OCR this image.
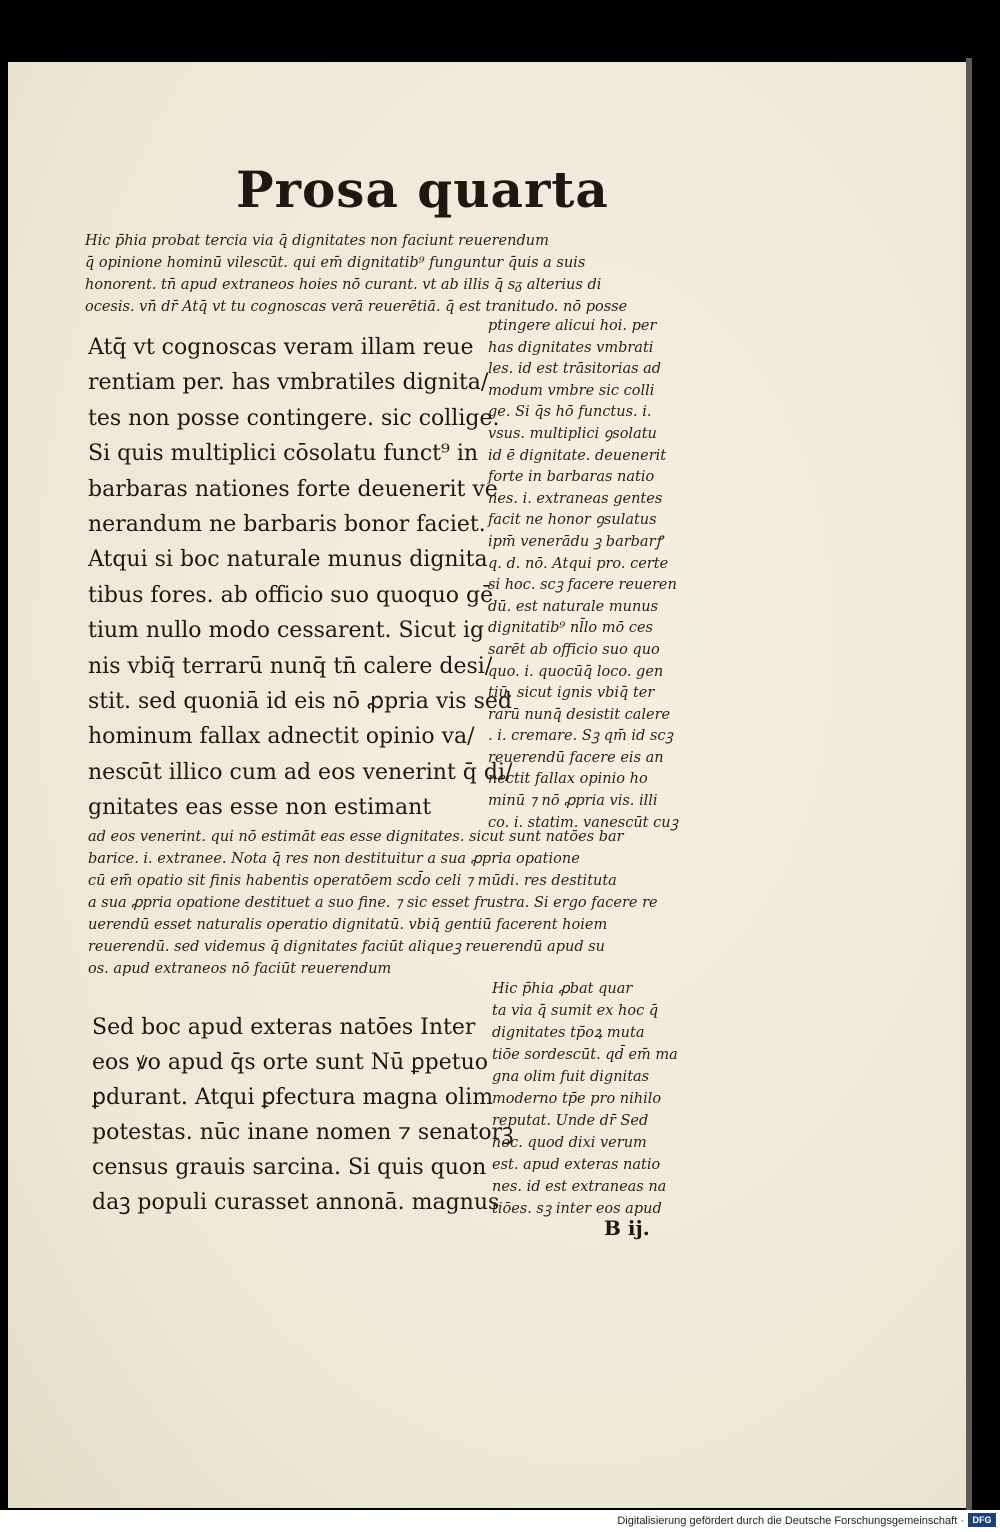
Prosa quarta

Hic p̄hia probat tercia via q̄ dignitates non faciunt reuerendum

q̄ opinione hominū vilescūt. qui em̄ dignitatib⁹ funguntur q̄uis a suis

honorent. tn̄ apud extraneos hoies nō curant. vt ab illis q̄ sᵹ alterius di

ocesis. vn̄ dr̄ Atq̄ vt tu cognoscas verā reuerētiā. q̄ est tranitudo. nō posse

Atq̄ vt cognoscas veram illam reue

rentiam per. has vmbratiles dignita/

tes non posse contingere. sic collige.

Si quis multiplici cōsolatu funct⁹ in

barbaras nationes forte deuenerit ve

nerandum ne barbaris bonor faciet.

Atqui si boc naturale munus dignita

tibus fores. ab officio suo quoquo gē

tium nullo modo cessarent. Sicut ig

nis vbiq̄ terrarū nunq̄ tn̄ calere desi/

stit. sed quoniā id eis nō ꝓpria vis sed

hominum fallax adnectit opinio va/

nescūt illico cum ad eos venerint q̄ di/

gnitates eas esse non estimant

ptingere alicui hoi. per

has dignitates vmbrati

les. id est trāsitorias ad

modum vmbre sic colli

ge. Si q̄s hō functus. i.

vsus. multiplici ꝯsolatu

id ē dignitate. deuenerit

forte in barbaras natio

nes. i. extraneas gentes

facit ne honor ꝯsulatus

ipm̄ venerādu ꝫ barbarꝭ

q. d. nō. Atqui pro. certe

si hoc. scꝫ facere reueren

dū. est naturale munus

dignitatib⁹ nl̄lo mō ces

sarēt ab officio suo quo

quo. i. quocūq̄ loco. gen

tiū. sicut ignis vbiq̄ ter

rarū nunq̄ desistit calere

. i. cremare. Sꝫ qm̄ id scꝫ

reuerendū facere eis an

nectit fallax opinio ho

minū ⁊ nō ꝓpria vis. illi

co. i. statim. vanescūt cuꝫ

ad eos venerint. qui nō estimāt eas esse dignitates. sicut sunt natōes bar

barice. i. extranee. Nota q̄ res non destituitur a sua ꝓpria opatione

cū em̄ opatio sit finis habentis operatōem scd̄o celi ⁊ mūdi. res destituta

a sua ꝓpria opatione destituet a suo fine. ⁊ sic esset frustra. Si ergo facere re

uerendū esset naturalis operatio dignitatū. vbiq̄ gentiū facerent hoiem

reuerendū. sed videmus q̄ dignitates faciūt aliqueꝫ reuerendū apud su

os. apud extraneos nō faciūt reuerendum

Sed boc apud exteras natōes Inter

eos ꝟo apud q̄s orte sunt Nū ꝑpetuo

ꝑdurant. Atqui ꝑfectura magna olim

potestas. nūc inane nomen ⁊ senatorꝫ

census grauis sarcina. Si quis quon

daꝫ populi curasset annonā. magnus

Hic p̄hia ꝓbat quar

ta via q̄ sumit ex hoc q̄

dignitates tp̄oꝝ muta

tiōe sordescūt. qd̄ em̄ ma

gna olim fuit dignitas

moderno tp̄e pro nihilo

reputat. Unde dr̄ Sed

hoc. quod dixi verum

est. apud exteras natio

nes. id est extraneas na

tiōes. sꝫ inter eos apud

B ij.
Digitalisierung gefördert durch die Deutsche Forschungsgemeinschaft · DFG
